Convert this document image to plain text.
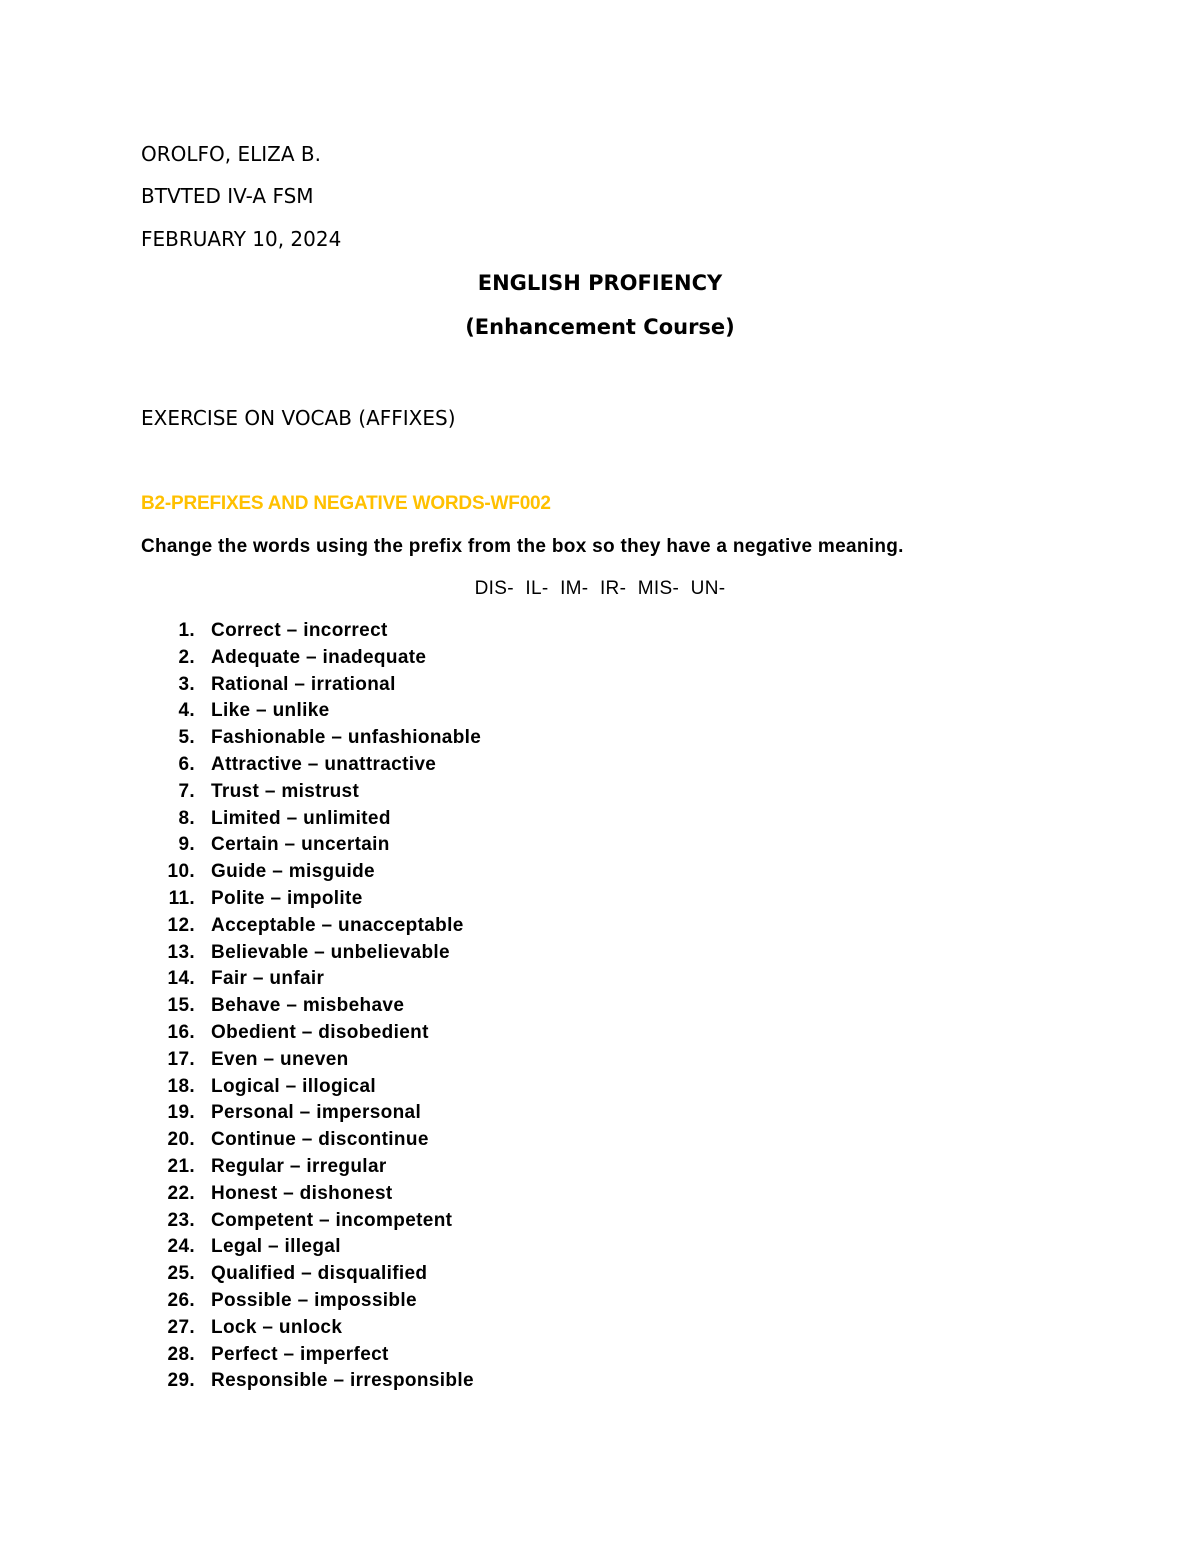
OROLFO, ELIZA B.
BTVTED IV-A FSM
FEBRUARY 10, 2024
ENGLISH PROFIENCY
(Enhancement Course)
EXERCISE ON VOCAB (AFFIXES)
B2-PREFIXES AND NEGATIVE WORDS-WF002
Change the words using the prefix from the box so they have a negative meaning.
DIS- IL- IM- IR- MIS- UN-
1. Correct – incorrect
2. Adequate – inadequate
3. Rational – irrational
4. Like – unlike
5. Fashionable – unfashionable
6. Attractive – unattractive
7. Trust – mistrust
8. Limited – unlimited
9. Certain – uncertain
10. Guide – misguide
11. Polite – impolite
12. Acceptable – unacceptable
13. Believable – unbelievable
14. Fair – unfair
15. Behave – misbehave
16. Obedient – disobedient
17. Even – uneven
18. Logical – illogical
19. Personal – impersonal
20. Continue – discontinue
21. Regular – irregular
22. Honest – dishonest
23. Competent – incompetent
24. Legal – illegal
25. Qualified – disqualified
26. Possible – impossible
27. Lock – unlock
28. Perfect – imperfect
29. Responsible – irresponsible
